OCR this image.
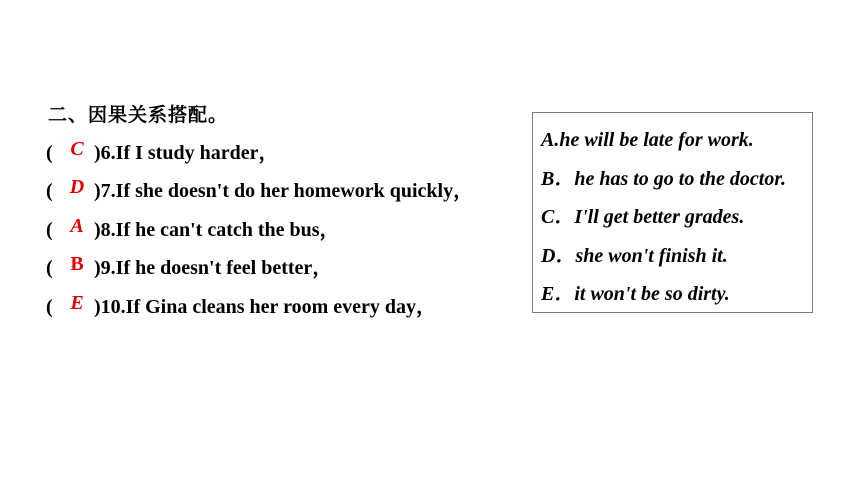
二、因果关系搭配。
( C )6.If I study harder，
( D )7.If she doesn't do her homework quickly，
( A )8.If he can't catch the bus，
( B )9.If he doesn't feel better，
( E )10.If Gina cleans her room every day，
A.he will be late for work.
B．he has to go to the doctor.
C．I'll get better grades.
D．she won't finish it.
E．it won't be so dirty.
